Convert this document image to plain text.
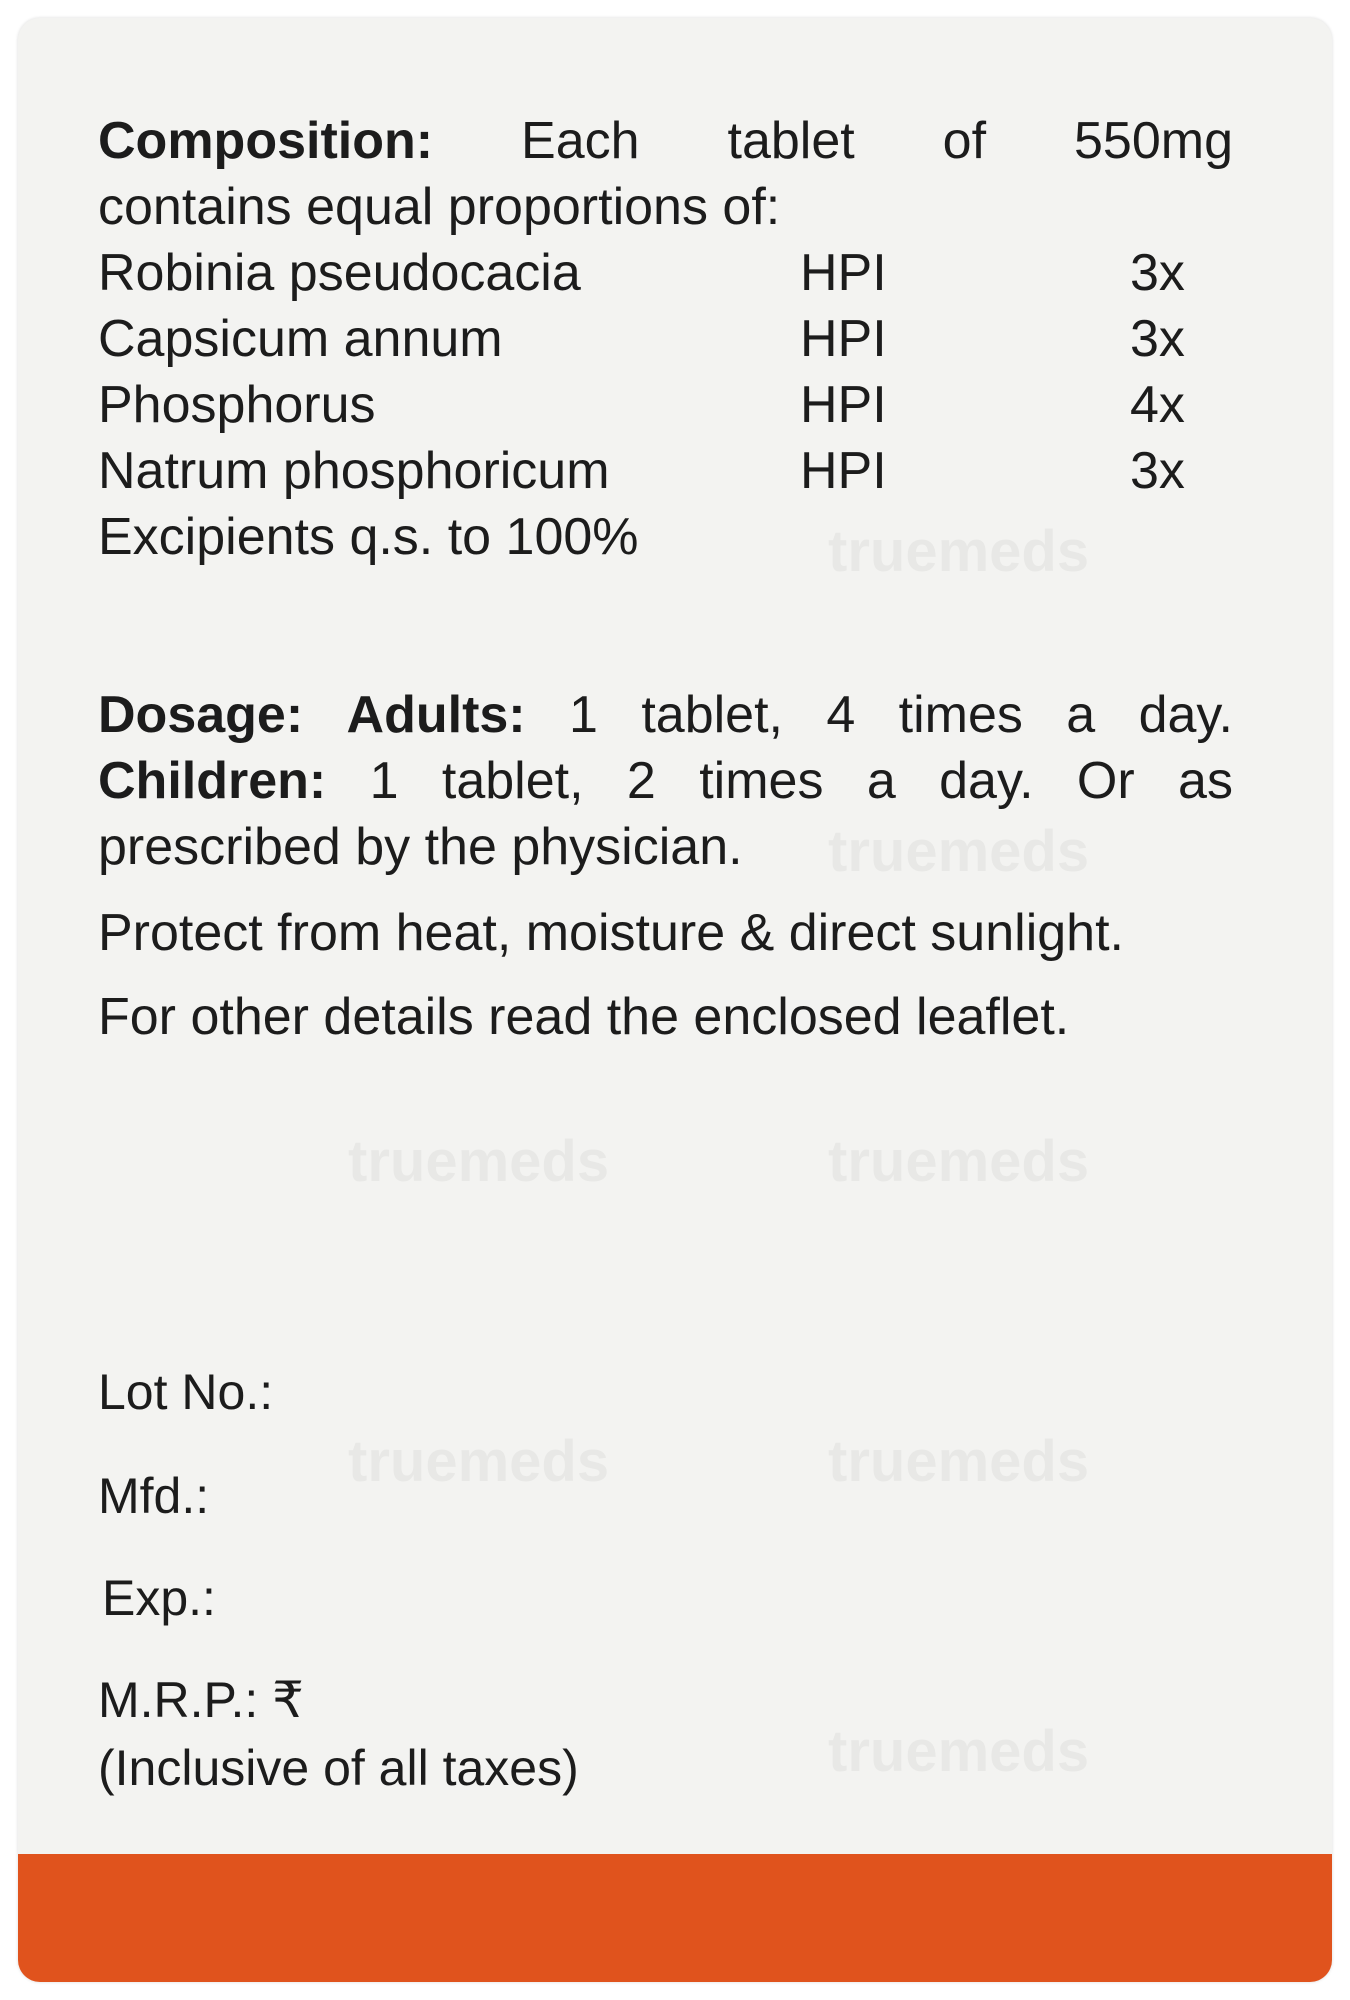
Composition: Each tablet of 550mg

contains equal proportions of:

Robinia pseudocacia	HPI	3x
Capsicum annum	HPI	3x
Phosphorus	HPI	4x
Natrum phosphoricum	HPI	3x

Excipients q.s. to 100%

Dosage: Adults: 1 tablet, 4 times a day. Children: 1 tablet, 2 times a day. Or as prescribed by the physician.

Protect from heat, moisture & direct sunlight.

For other details read the enclosed leaflet.

Lot No.:
Mfd.:
Exp.:
M.R.P.: ₹
(Inclusive of all taxes)
